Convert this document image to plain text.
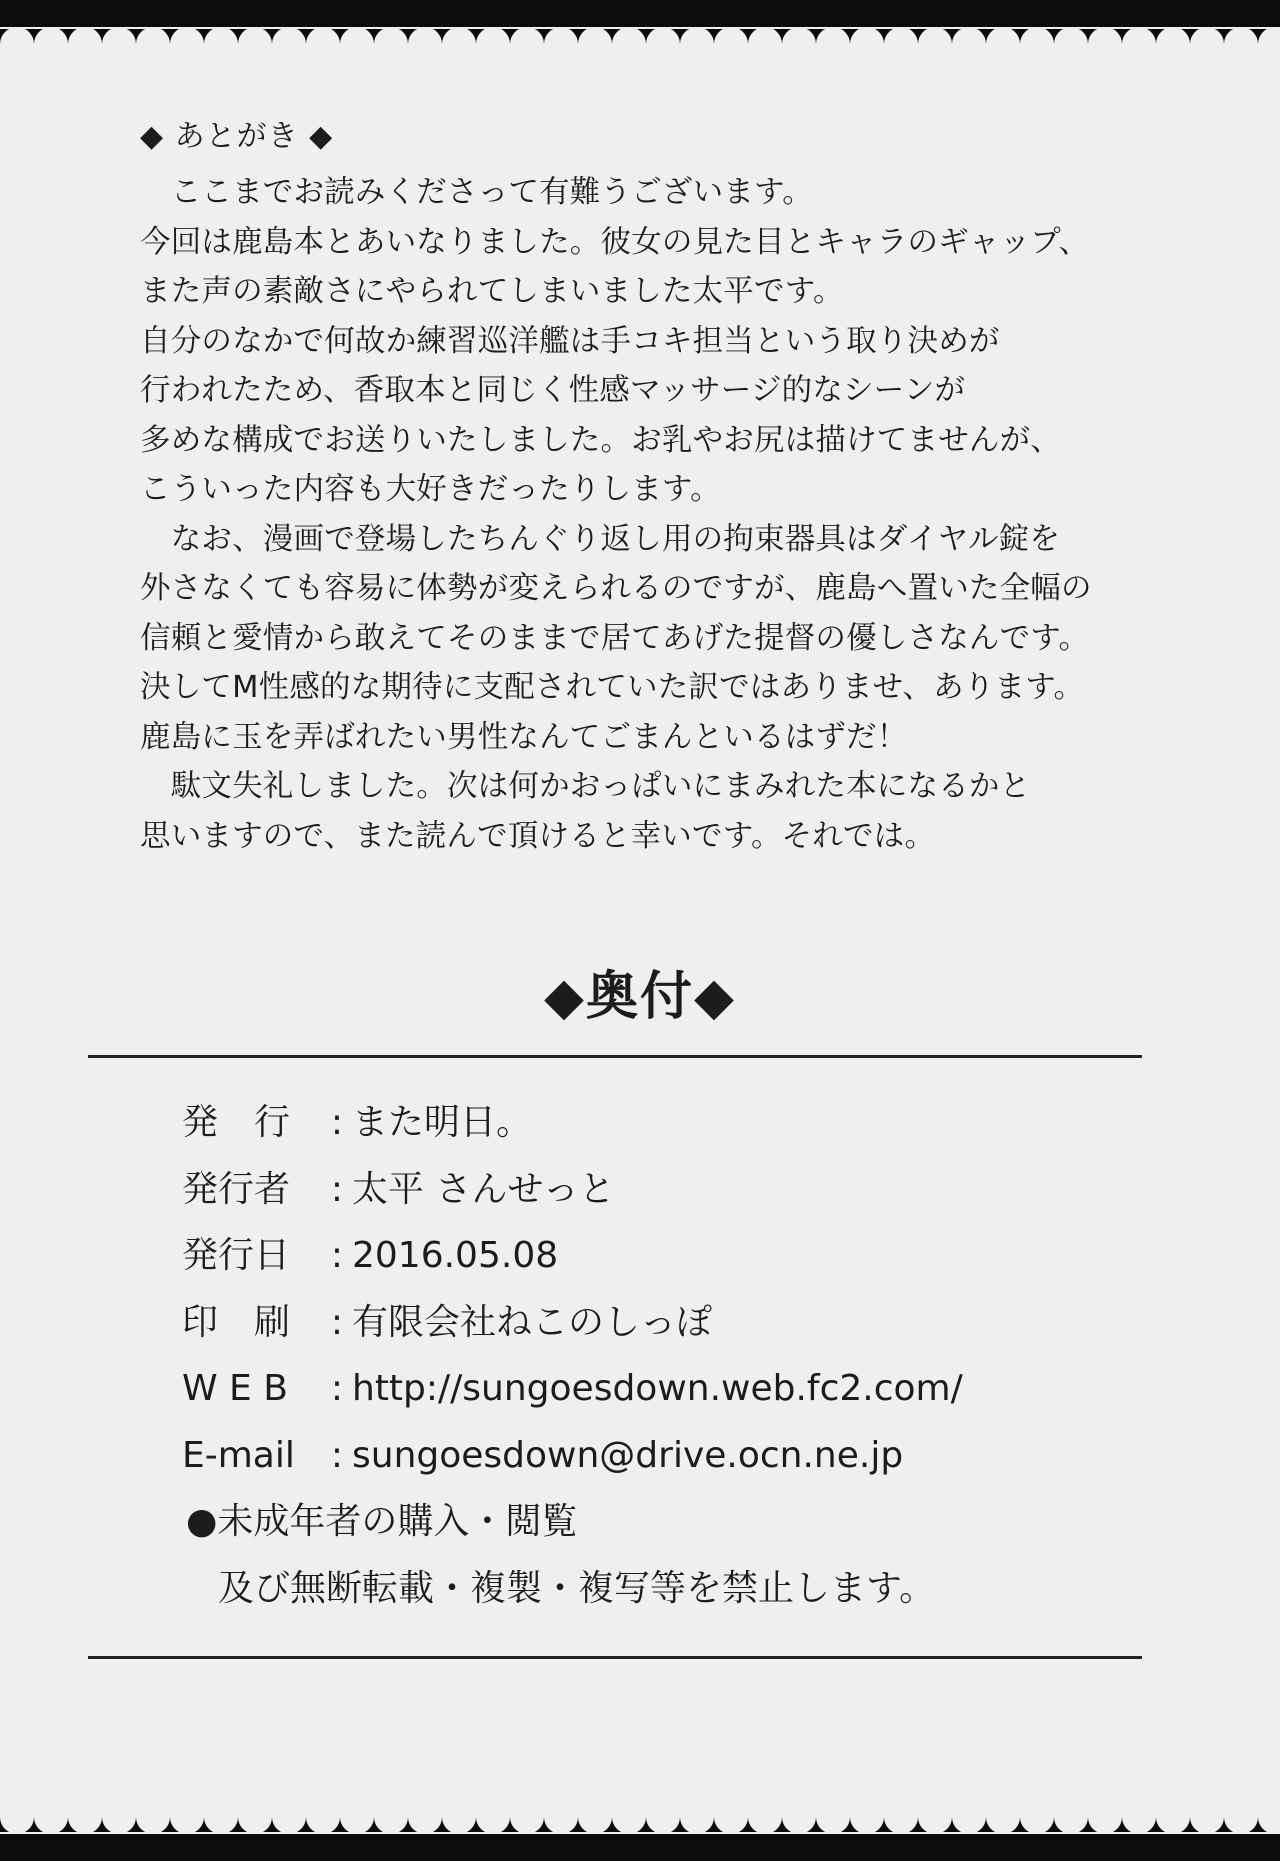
◆ あとがき ◆

　ここまでお読みくださって有難うございます。

今回は鹿島本とあいなりました。彼女の見た目とキャラのギャップ、

また声の素敵さにやられてしまいました太平です。

自分のなかで何故か練習巡洋艦は手コキ担当という取り決めが

行われたため、香取本と同じく性感マッサージ的なシーンが

多めな構成でお送りいたしました。お乳やお尻は描けてませんが、

こういった内容も大好きだったりします。

　なお、漫画で登場したちんぐり返し用の拘束器具はダイヤル錠を

外さなくても容易に体勢が変えられるのですが、鹿島へ置いた全幅の

信頼と愛情から敢えてそのままで居てあげた提督の優しさなんです。

決してM性感的な期待に支配されていた訳ではありませ、あります。

鹿島に玉を弄ばれたい男性なんてごまんといるはずだ！

　駄文失礼しました。次は何かおっぱいにまみれた本になるかと

思いますので、また読んで頂けると幸いです。それでは。

◆奥付◆
発　行	: また明日。
発行者	: 太平 さんせっと
発行日	: 2016.05.08
印　刷	: 有限会社ねこのしっぽ
W E B	: http://sungoesdown.web.fc2.com/
E-mail	: sungoesdown@drive.ocn.ne.jp
●未成年者の購入・閲覧
及び無断転載・複製・複写等を禁止します。
